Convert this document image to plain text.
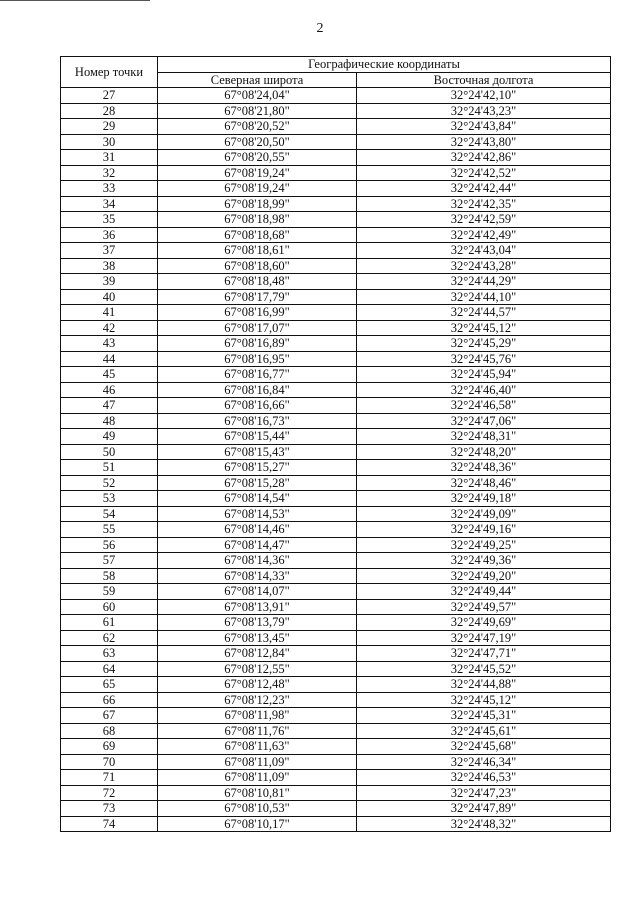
2
Номер точки	Географические координаты	
	Северная широта	Восточная долгота
27	67°08'24,04"	32°24'42,10"
28	67°08'21,80"	32°24'43,23"
29	67°08'20,52"	32°24'43,84"
30	67°08'20,50"	32°24'43,80"
31	67°08'20,55"	32°24'42,86"
32	67°08'19,24"	32°24'42,52"
33	67°08'19,24"	32°24'42,44"
34	67°08'18,99"	32°24'42,35"
35	67°08'18,98"	32°24'42,59"
36	67°08'18,68"	32°24'42,49"
37	67°08'18,61"	32°24'43,04"
38	67°08'18,60"	32°24'43,28"
39	67°08'18,48"	32°24'44,29"
40	67°08'17,79"	32°24'44,10"
41	67°08'16,99"	32°24'44,57"
42	67°08'17,07"	32°24'45,12"
43	67°08'16,89"	32°24'45,29"
44	67°08'16,95"	32°24'45,76"
45	67°08'16,77"	32°24'45,94"
46	67°08'16,84"	32°24'46,40"
47	67°08'16,66"	32°24'46,58"
48	67°08'16,73"	32°24'47,06"
49	67°08'15,44"	32°24'48,31"
50	67°08'15,43"	32°24'48,20"
51	67°08'15,27"	32°24'48,36"
52	67°08'15,28"	32°24'48,46"
53	67°08'14,54"	32°24'49,18"
54	67°08'14,53"	32°24'49,09"
55	67°08'14,46"	32°24'49,16"
56	67°08'14,47"	32°24'49,25"
57	67°08'14,36"	32°24'49,36"
58	67°08'14,33"	32°24'49,20"
59	67°08'14,07"	32°24'49,44"
60	67°08'13,91"	32°24'49,57"
61	67°08'13,79"	32°24'49,69"
62	67°08'13,45"	32°24'47,19"
63	67°08'12,84"	32°24'47,71"
64	67°08'12,55"	32°24'45,52"
65	67°08'12,48"	32°24'44,88"
66	67°08'12,23"	32°24'45,12"
67	67°08'11,98"	32°24'45,31"
68	67°08'11,76"	32°24'45,61"
69	67°08'11,63"	32°24'45,68"
70	67°08'11,09"	32°24'46,34"
71	67°08'11,09"	32°24'46,53"
72	67°08'10,81"	32°24'47,23"
73	67°08'10,53"	32°24'47,89"
74	67°08'10,17"	32°24'48,32"
